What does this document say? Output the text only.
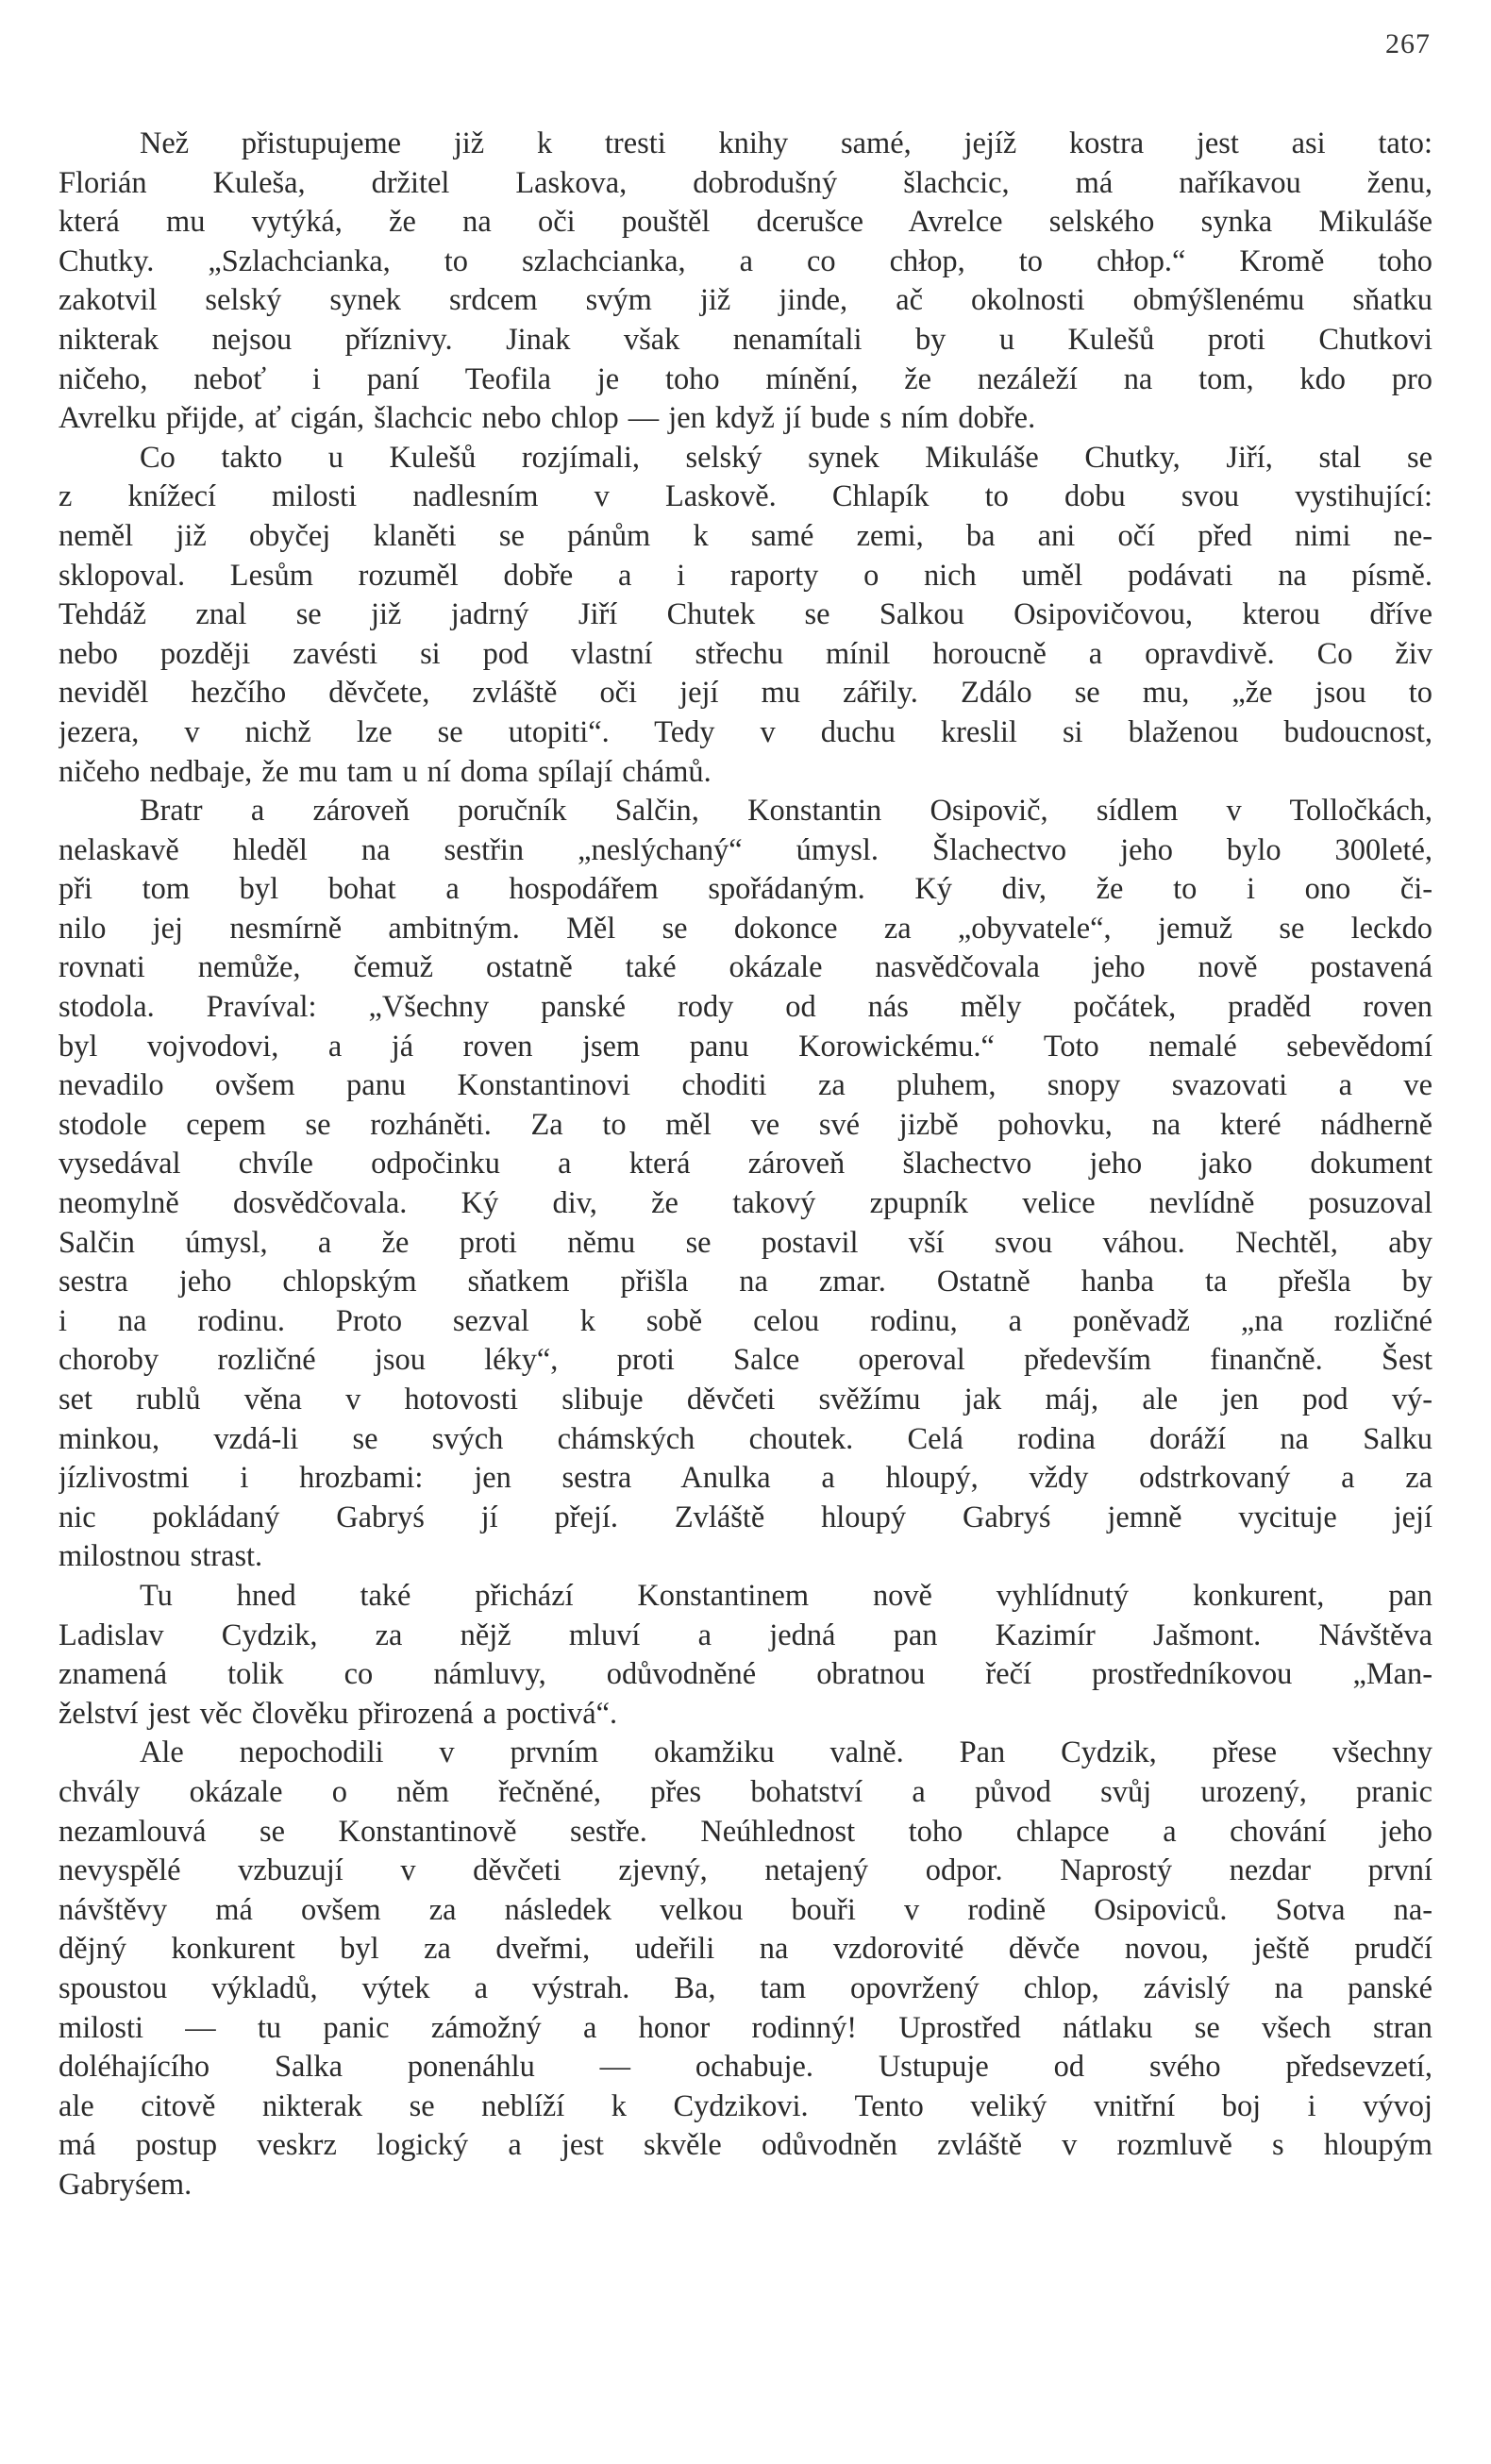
267

Než přistupujeme již k tresti knihy samé, jejíž kostra jest asi tato:
Florián Kuleša, držitel Laskova, dobrodušný šlachcic, má naříkavou ženu,
která mu vytýká, že na oči pouštěl dcerušce Avrelce selského synka Mikuláše
Chutky. „Szlachcianka, to szlachcianka, a co chłop, to chłop.“ Kromě toho
zakotvil selský synek srdcem svým již jinde, ač okolnosti obmýšlenému sňatku
nikterak nejsou příznivy. Jinak však nenamítali by u Kulešů proti Chutkovi
ničeho, neboť i paní Teofila je toho mínění, že nezáleží na tom, kdo pro
Avrelku přijde, ať cigán, šlachcic nebo chlop — jen když jí bude s ním dobře.

Co takto u Kulešů rozjímali, selský synek Mikuláše Chutky, Jiří, stal se
z knížecí milosti nadlesním v Laskově. Chlapík to dobu svou vystihující:
neměl již obyčej klaněti se pánům k samé zemi, ba ani očí před nimi ne-
sklopoval. Lesům rozuměl dobře a i raporty o nich uměl podávati na písmě.
Tehdáž znal se již jadrný Jiří Chutek se Salkou Osipovičovou, kterou dříve
nebo později zavésti si pod vlastní střechu mínil horoucně a opravdivě. Co živ
neviděl hezčího děvčete, zvláště oči její mu zářily. Zdálo se mu, „že jsou to
jezera, v nichž lze se utopiti“. Tedy v duchu kreslil si blaženou budoucnost,
ničeho nedbaje, že mu tam u ní doma spílají chámů.

Bratr a zároveň poručník Salčin, Konstantin Osipovič, sídlem v Tolločkách,
nelaskavě hleděl na sestřin „neslýchaný“ úmysl. Šlachectvo jeho bylo 300leté,
při tom byl bohat a hospodářem spořádaným. Ký div, že to i ono či-
nilo jej nesmírně ambitným. Měl se dokonce za „obyvatele“, jemuž se leckdo
rovnati nemůže, čemuž ostatně také okázale nasvědčovala jeho nově postavená
stodola. Pravíval: „Všechny panské rody od nás měly počátek, praděd roven
byl vojvodovi, a já roven jsem panu Korowickému.“ Toto nemalé sebevědomí
nevadilo ovšem panu Konstantinovi choditi za pluhem, snopy svazovati a ve
stodole cepem se rozháněti. Za to měl ve své jizbě pohovku, na které nádherně
vysedával chvíle odpočinku a která zároveň šlachectvo jeho jako dokument
neomylně dosvědčovala. Ký div, že takový zpupník velice nevlídně posuzoval
Salčin úmysl, a že proti němu se postavil vší svou váhou. Nechtěl, aby
sestra jeho chlopským sňatkem přišla na zmar. Ostatně hanba ta přešla by
i na rodinu. Proto sezval k sobě celou rodinu, a poněvadž „na rozličné
choroby rozličné jsou léky“, proti Salce operoval především finančně. Šest
set rublů věna v hotovosti slibuje děvčeti svěžímu jak máj, ale jen pod vý-
minkou, vzdá-li se svých chámských choutek. Celá rodina doráží na Salku
jízlivostmi i hrozbami: jen sestra Anulka a hloupý, vždy odstrkovaný a za
nic pokládaný Gabryś jí přejí. Zvláště hloupý Gabryś jemně vycituje její
milostnou strast.

Tu hned také přichází Konstantinem nově vyhlídnutý konkurent, pan
Ladislav Cydzik, za nějž mluví a jedná pan Kazimír Jašmont. Návštěva
znamená tolik co námluvy, odůvodněné obratnou řečí prostředníkovou „Man-
želství jest věc člověku přirozená a poctivá“.

Ale nepochodili v prvním okamžiku valně. Pan Cydzik, přese všechny
chvály okázale o něm řečněné, přes bohatství a původ svůj urozený, pranic
nezamlouvá se Konstantinově sestře. Neúhlednost toho chlapce a chování jeho
nevyspělé vzbuzují v děvčeti zjevný, netajený odpor. Naprostý nezdar první
návštěvy má ovšem za následek velkou bouři v rodině Osipoviců. Sotva na-
dějný konkurent byl za dveřmi, udeřili na vzdorovité děvče novou, ještě prudčí
spoustou výkladů, výtek a výstrah. Ba, tam opovržený chlop, závislý na panské
milosti — tu panic zámožný a honor rodinný! Uprostřed nátlaku se všech stran
doléhajícího Salka ponenáhlu — ochabuje. Ustupuje od svého předsevzetí,
ale citově nikterak se neblíží k Cydzikovi. Tento veliký vnitřní boj i vývoj
má postup veskrz logický a jest skvěle odůvodněn zvláště v rozmluvě s hloupým
Gabryśem.
